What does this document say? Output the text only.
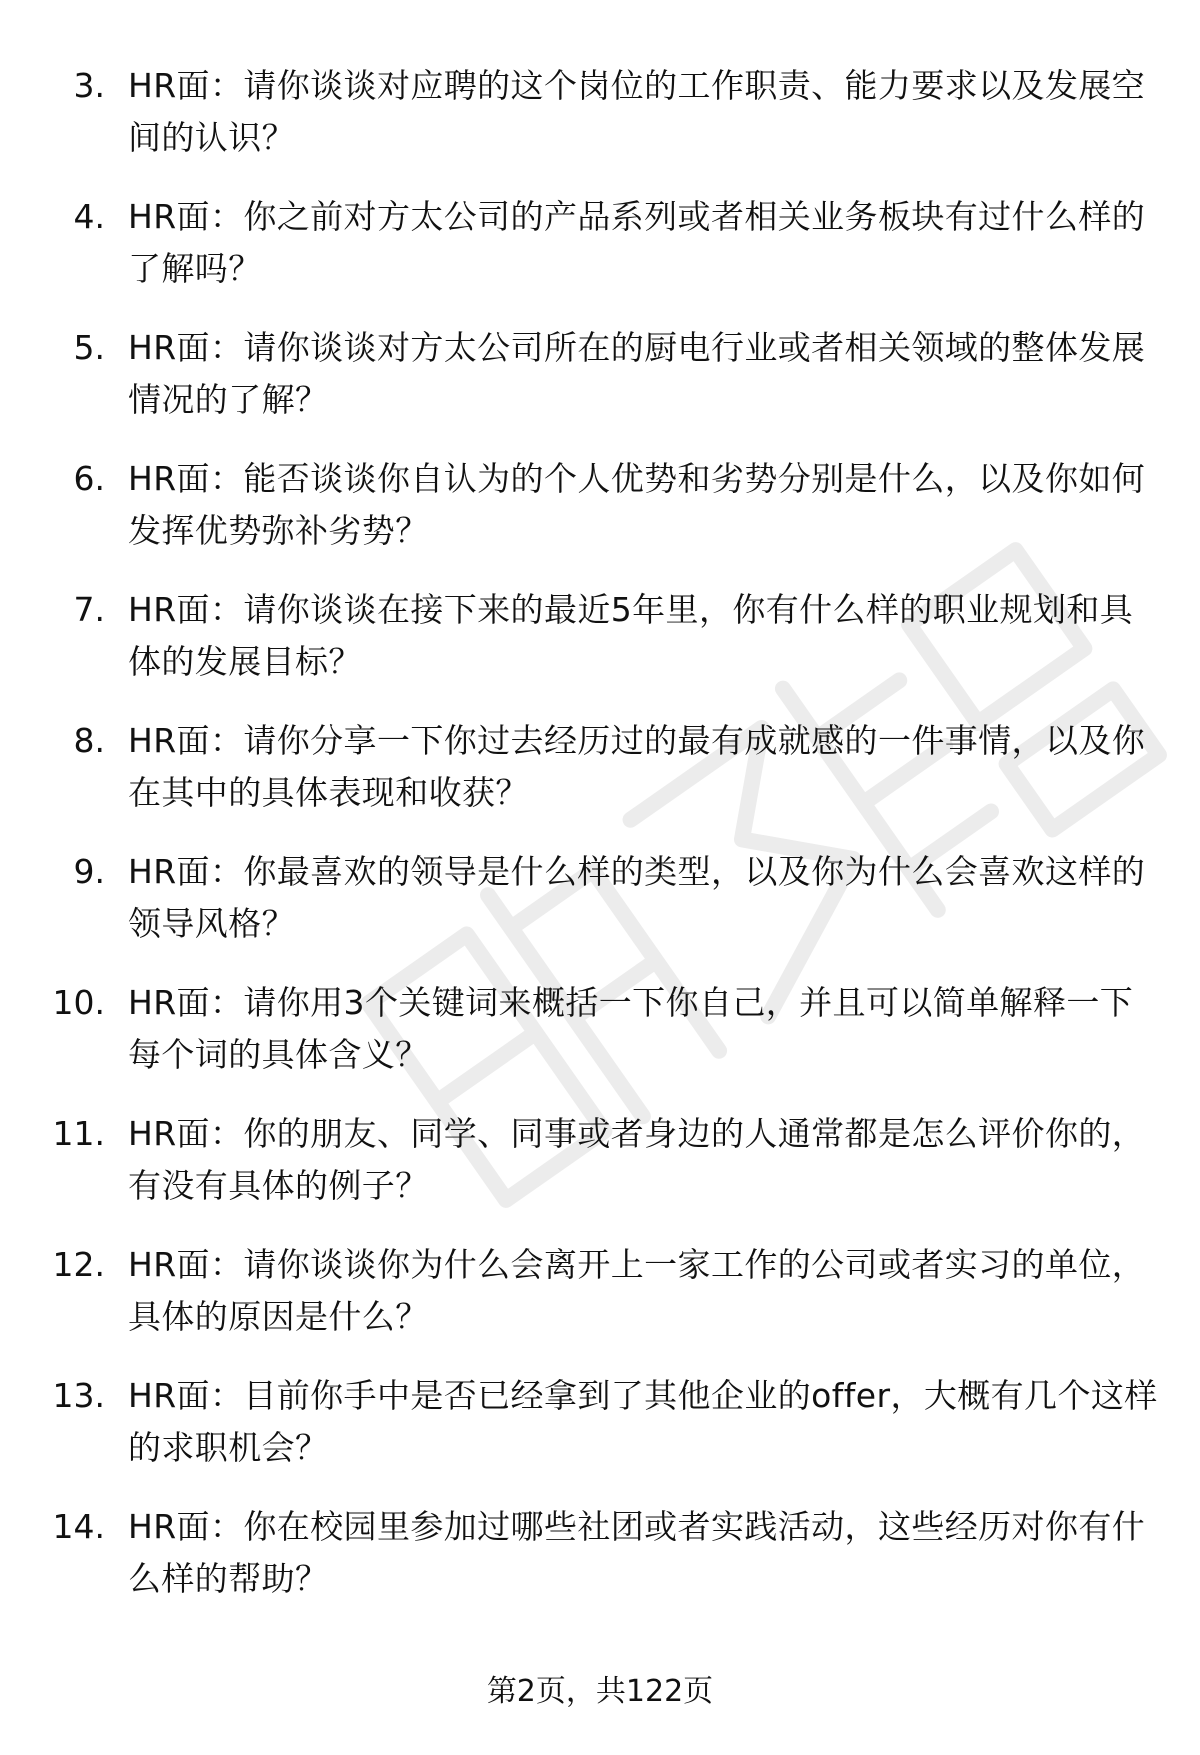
3. HR面：请你谈谈对应聘的这个岗位的工作职责、能力要求以及发展空间的认识？
4. HR面：你之前对方太公司的产品系列或者相关业务板块有过什么样的了解吗？
5. HR面：请你谈谈对方太公司所在的厨电行业或者相关领域的整体发展情况的了解？
6. HR面：能否谈谈你自认为的个人优势和劣势分别是什么，以及你如何发挥优势弥补劣势？
7. HR面：请你谈谈在接下来的最近5年里，你有什么样的职业规划和具体的发展目标？
8. HR面：请你分享一下你过去经历过的最有成就感的一件事情，以及你在其中的具体表现和收获？
9. HR面：你最喜欢的领导是什么样的类型，以及你为什么会喜欢这样的领导风格？
10. HR面：请你用3个关键词来概括一下你自己，并且可以简单解释一下每个词的具体含义？
11. HR面：你的朋友、同学、同事或者身边的人通常都是怎么评价你的，有没有具体的例子？
12. HR面：请你谈谈你为什么会离开上一家工作的公司或者实习的单位，具体的原因是什么？
13. HR面：目前你手中是否已经拿到了其他企业的offer，大概有几个这样的求职机会？
14. HR面：你在校园里参加过哪些社团或者实践活动，这些经历对你有什么样的帮助？
第2页，共122页
